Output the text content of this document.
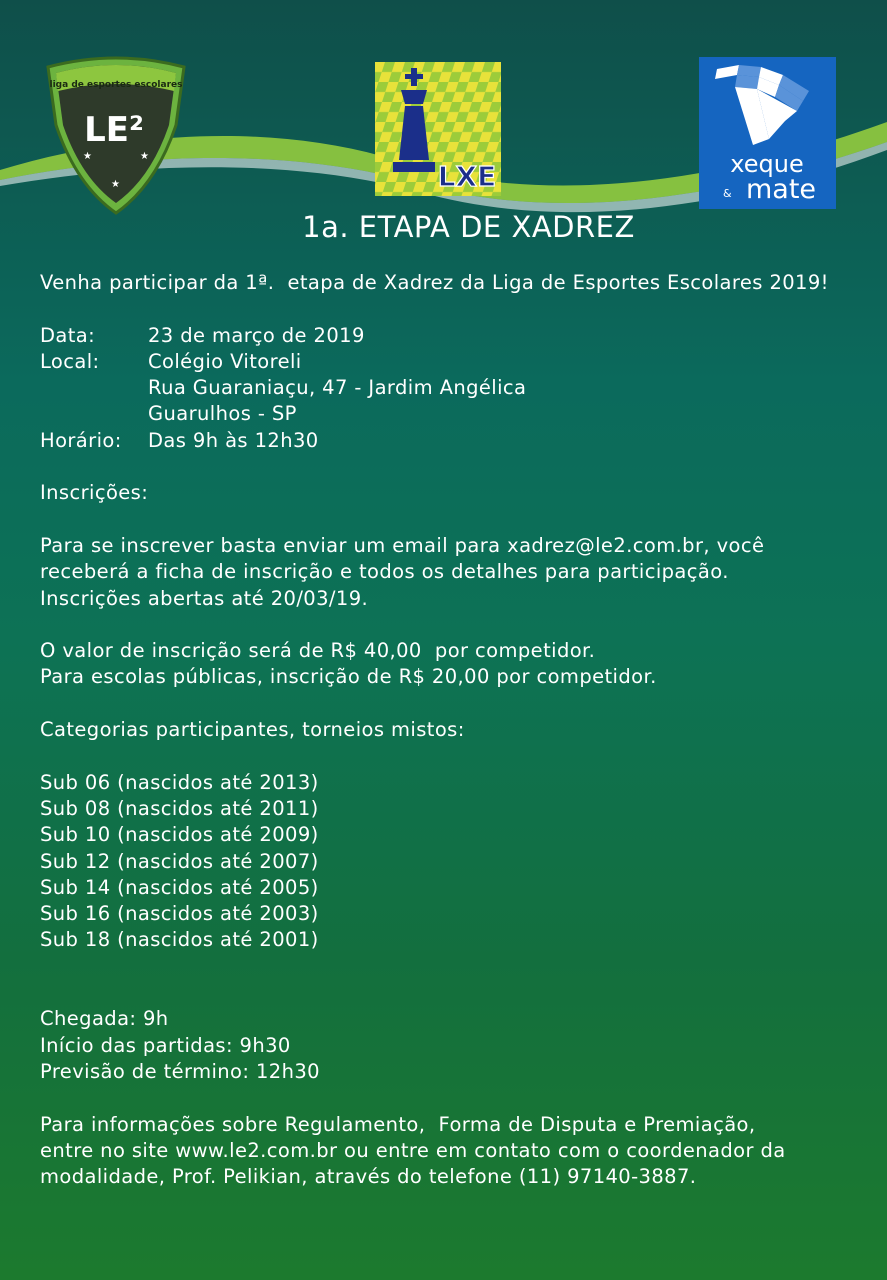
liga de esportes escolares
LE²
★	★
★	LXE	xeque
& mate
1a. ETAPA DE XADREZ

Venha participar da 1ª.  etapa de Xadrez da Liga de Esportes Escolares 2019!

Data:	23 de março de 2019
Local:	Colégio Vitoreli
Rua Guaraniaçu, 47 - Jardim Angélica
Guarulhos - SP
Horário:	Das 9h às 12h30

Inscrições:

Para se inscrever basta enviar um email para xadrez@le2.com.br, você

receberá a ficha de inscrição e todos os detalhes para participação.

Inscrições abertas até 20/03/19.

O valor de inscrição será de R$ 40,00  por competidor.

Para escolas públicas, inscrição de R$ 20,00 por competidor.

Categorias participantes, torneios mistos:

Sub 06 (nascidos até 2013)

Sub 08 (nascidos até 2011)

Sub 10 (nascidos até 2009)

Sub 12 (nascidos até 2007)

Sub 14 (nascidos até 2005)

Sub 16 (nascidos até 2003)

Sub 18 (nascidos até 2001)

Chegada: 9h

Início das partidas: 9h30

Previsão de término: 12h30

Para informações sobre Regulamento,  Forma de Disputa e Premiação,

entre no site www.le2.com.br ou entre em contato com o coordenador da

modalidade, Prof. Pelikian, através do telefone (11) 97140-3887.
